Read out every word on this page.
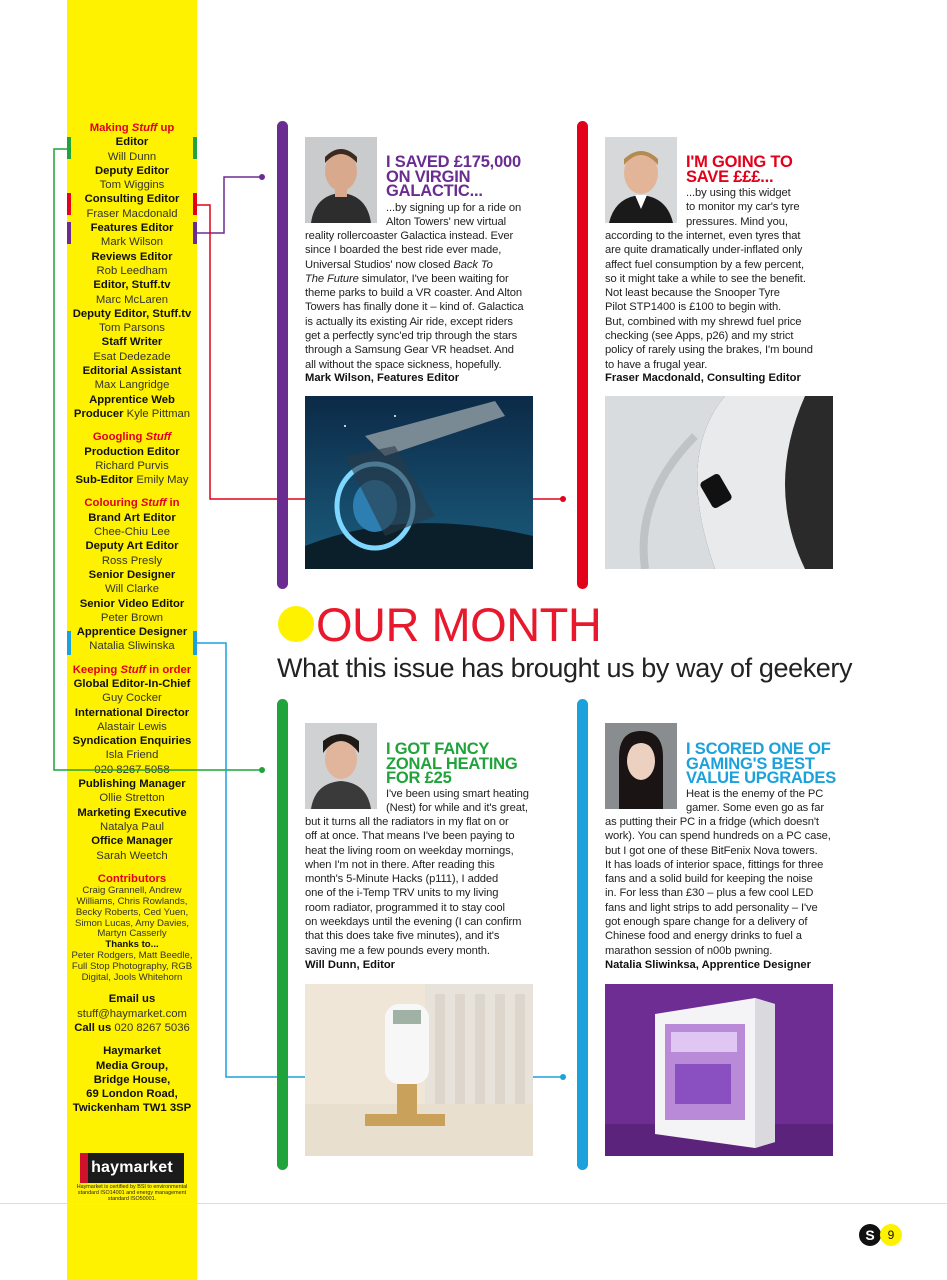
Making Stuff up
Editor
Will Dunn
Deputy Editor
Tom Wiggins
Consulting Editor
Fraser Macdonald
Features Editor
Mark Wilson
Reviews Editor
Rob Leedham
Editor, Stuff.tv
Marc McLaren
Deputy Editor, Stuff.tv
Tom Parsons
Staff Writer
Esat Dedezade
Editorial Assistant
Max Langridge
Apprentice Web
Producer Kyle Pittman
Googling Stuff
Production Editor
Richard Purvis
Sub-Editor Emily May
Colouring Stuff in
Brand Art Editor
Chee-Chiu Lee
Deputy Art Editor
Ross Presly
Senior Designer
Will Clarke
Senior Video Editor
Peter Brown
Apprentice Designer
Natalia Sliwinska
Keeping Stuff in order
Global Editor-In-Chief
Guy Cocker
International Director
Alastair Lewis
Syndication Enquiries
Isla Friend
020 8267 5058
Publishing Manager
Ollie Stretton
Marketing Executive
Natalya Paul
Office Manager
Sarah Weetch
Contributors
Craig Grannell, Andrew Williams, Chris Rowlands, Becky Roberts, Ced Yuen, Simon Lucas, Amy Davies, Martyn Casserly
Thanks to...
Peter Rodgers, Matt Beedle, Full Stop Photography, RGB Digital, Jools Whitehorn
Email us
stuff@haymarket.com
Call us 020 8267 5036
Haymarket
Media Group,
Bridge House,
69 London Road,
Twickenham TW1 3SP
haymarket
Haymarket is certified by BSI to environmental standard ISO14001 and energy management standard ISO50001.
I SAVED £175,000
ON VIRGIN
GALACTIC...
...by signing up for a ride on
Alton Towers' new virtual
reality rollercoaster Galactica instead. Ever
since I boarded the best ride ever made,
Universal Studios' now closed Back To
The Future simulator, I've been waiting for
theme parks to build a VR coaster. And Alton
Towers has finally done it – kind of. Galactica
is actually its existing Air ride, except riders
get a perfectly sync'ed trip through the stars
through a Samsung Gear VR headset. And
all without the space sickness, hopefully.
Mark Wilson, Features Editor
I'M GOING TO
SAVE £££...
...by using this widget
to monitor my car's tyre
pressures. Mind you,
according to the internet, even tyres that
are quite dramatically under-inflated only
affect fuel consumption by a few percent,
so it might take a while to see the benefit.
Not least because the Snooper Tyre
Pilot STP1400 is £100 to begin with.
But, combined with my shrewd fuel price
checking (see Apps, p26) and my strict
policy of rarely using the brakes, I'm bound
to have a frugal year.
Fraser Macdonald, Consulting Editor
OUR MONTH
What this issue has brought us by way of geekery
I GOT FANCY
ZONAL HEATING
FOR £25
I've been using smart heating
(Nest) for while and it's great,
but it turns all the radiators in my flat on or
off at once. That means I've been paying to
heat the living room on weekday mornings,
when I'm not in there. After reading this
month's 5-Minute Hacks (p111), I added
one of the i-Temp TRV units to my living
room radiator, programmed it to stay cool
on weekdays until the evening (I can confirm
that this does take five minutes), and it's
saving me a few pounds every month.
Will Dunn, Editor
I SCORED ONE OF
GAMING'S BEST
VALUE UPGRADES
Heat is the enemy of the PC
gamer. Some even go as far
as putting their PC in a fridge (which doesn't
work). You can spend hundreds on a PC case,
but I got one of these BitFenix Nova towers.
It has loads of interior space, fittings for three
fans and a solid build for keeping the noise
in. For less than £30 – plus a few cool LED
fans and light strips to add personality – I've
got enough spare change for a delivery of
Chinese food and energy drinks to fuel a
marathon session of n00b pwning.
Natalia Sliwinksa, Apprentice Designer
S	9
